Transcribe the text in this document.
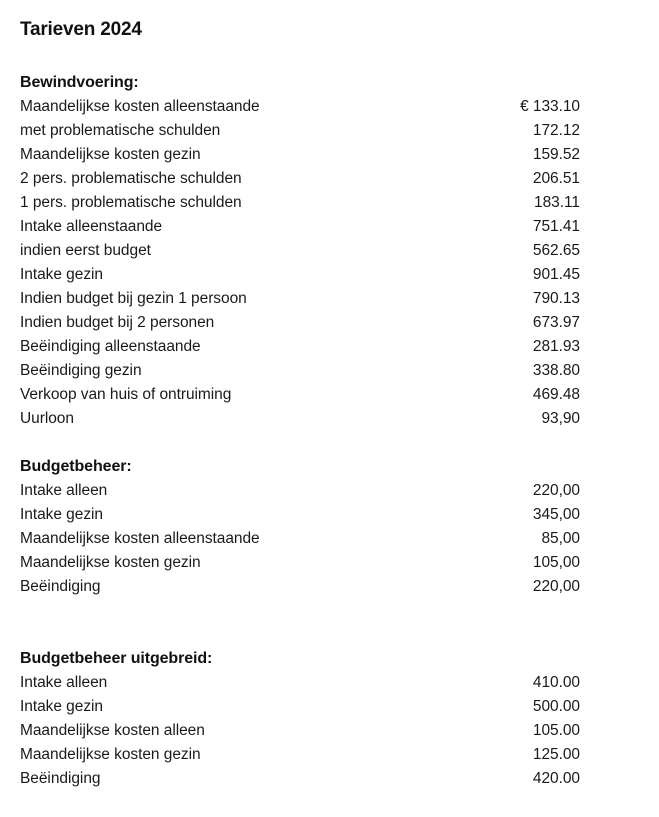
Tarieven 2024
Bewindvoering:
Maandelijkse kosten alleenstaande	€ 133.10
met problematische schulden	172.12
Maandelijkse kosten gezin	159.52
2 pers. problematische schulden	206.51
1 pers. problematische schulden	183.11
Intake alleenstaande	751.41
indien eerst budget	562.65
Intake gezin	901.45
Indien budget bij gezin 1 persoon	790.13
Indien budget bij 2 personen	673.97
Beëindiging alleenstaande	281.93
Beëindiging gezin	338.80
Verkoop van huis of ontruiming	469.48
Uurloon	93,90
Budgetbeheer:
Intake alleen	220,00
Intake gezin	345,00
Maandelijkse kosten alleenstaande	85,00
Maandelijkse kosten gezin	105,00
Beëindiging	220,00
Budgetbeheer uitgebreid:
Intake alleen	410.00
Intake gezin	500.00
Maandelijkse kosten alleen	105.00
Maandelijkse kosten gezin	125.00
Beëindiging	420.00
